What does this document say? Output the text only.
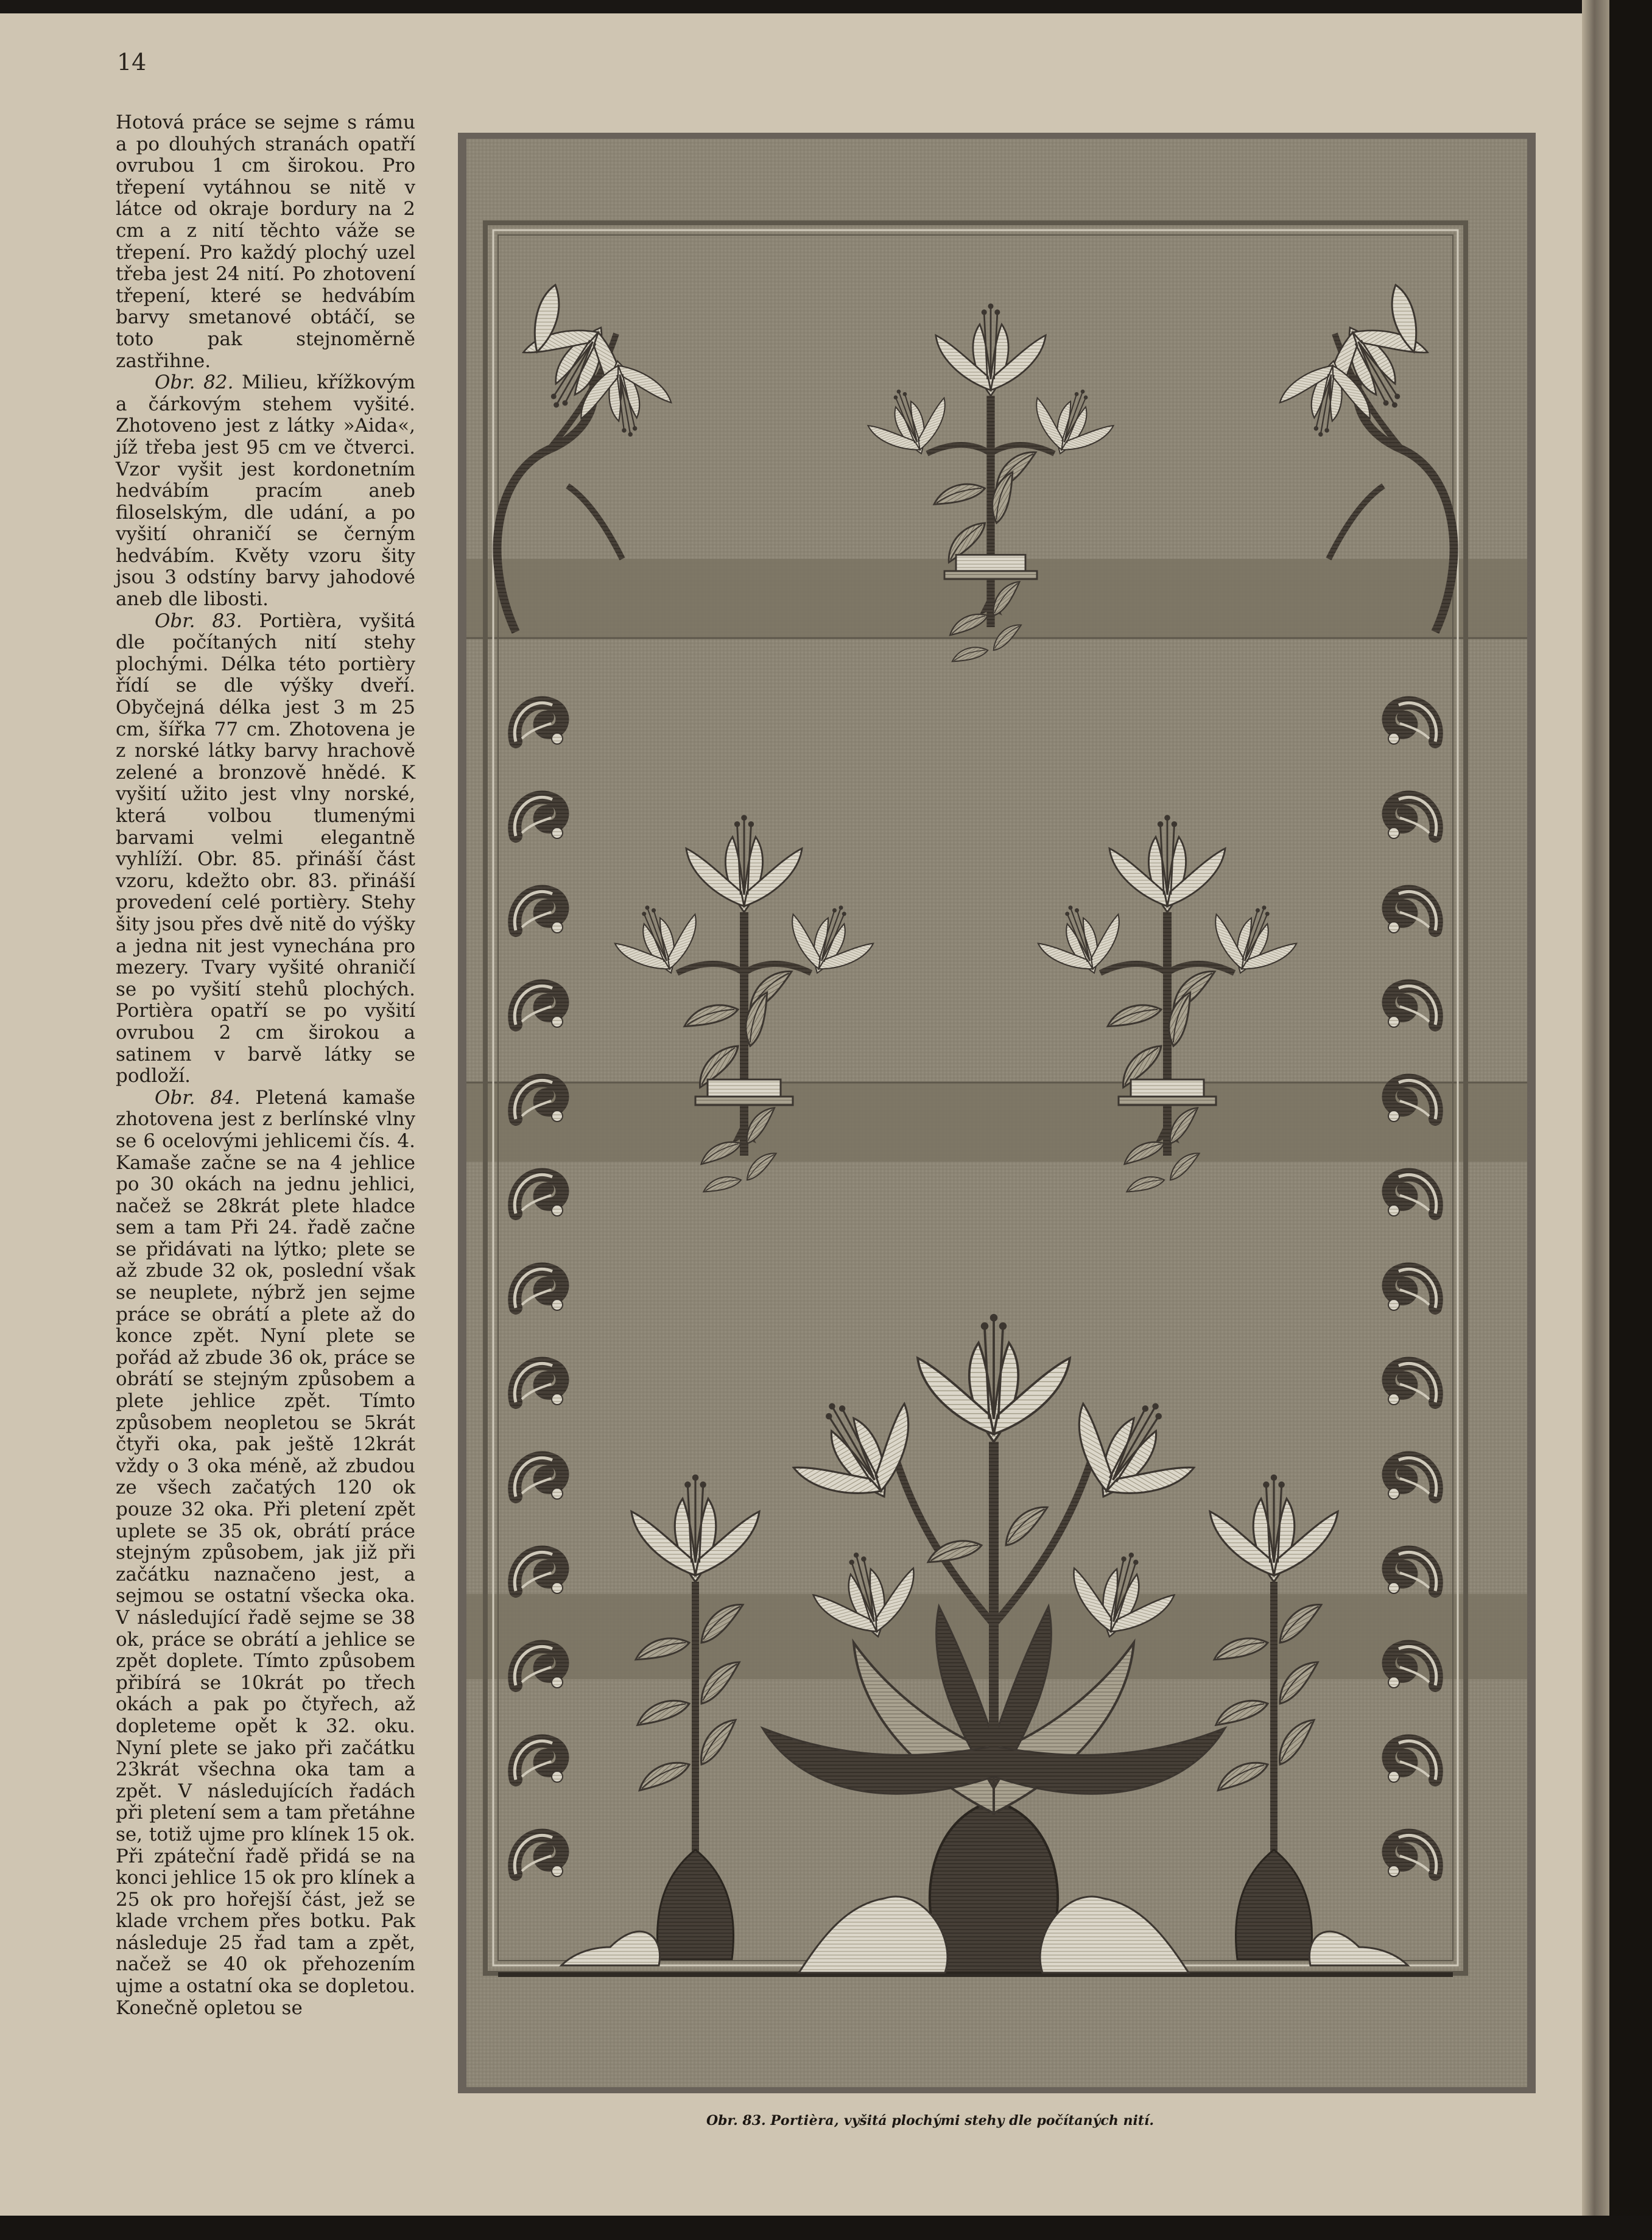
14

Hotová práce se sejme s rámu a po dlouhých stranách opatří ovrubou 1 cm širokou. Pro třepení vytáhnou se nitě v látce od okraje bordury na 2 cm a z nití těchto váže se třepení. Pro každý plochý uzel třeba jest 24 nití. Po zhotovení třepení, které se hedvábím barvy smetanové obtáčí, se toto pak stejnoměrně zastřihne.

Obr. 82. Milieu, křížkovým a čárkovým stehem vyšité. Zhotoveno jest z látky »Aida«, jíž třeba jest 95 cm ve čtverci. Vzor vyšit jest kordonetním hedvábím pracím aneb filoselským, dle udání, a po vyšití ohraničí se černým hedvábím. Květy vzoru šity jsou 3 odstíny barvy jahodové aneb dle libosti.

Obr. 83. Portièra, vyšitá dle počítaných nití stehy plochými. Délka této portièry řídí se dle výšky dveří. Obyčejná délka jest 3 m 25 cm, šířka 77 cm. Zhotovena je z norské látky barvy hrachově zelené a bronzově hnědé. K vyšití užito jest vlny norské, která volbou tlumenými barvami velmi elegantně vyhlíží. Obr. 85. přináší část vzoru, kdežto obr. 83. přináší provedení celé portièry. Stehy šity jsou přes dvě nitě do výšky a jedna nit jest vynechána pro mezery. Tvary vyšité ohraničí se po vyšití stehů plochých. Portièra opatří se po vyšití ovrubou 2 cm širokou a satinem v barvě látky se podloží.

Obr. 84. Pletená kamaše zhotovena jest z berlínské vlny se 6 ocelovými jehlicemi čís. 4. Kamaše začne se na 4 jehlice po 30 okách na jednu jehlici, načež se 28krát plete hladce sem a tam Při 24. řadě začne se přidávati na lýtko; plete se až zbude 32 ok, poslední však se neuplete, nýbrž jen sejme práce se obrátí a plete až do konce zpět. Nyní plete se pořád až zbude 36 ok, práce se obrátí se stejným způsobem a plete jehlice zpět. Tímto způsobem neopletou se 5krát čtyři oka, pak ještě 12krát vždy o 3 oka méně, až zbudou ze všech začatých 120 ok pouze 32 oka. Při pletení zpět uplete se 35 ok, obrátí práce stejným způsobem, jak již při začátku naznačeno jest, a sejmou se ostatní všecka oka. V následující řadě sejme se 38 ok, práce se obrátí a jehlice se zpět doplete. Tímto způsobem přibírá se 10krát po třech okách a pak po čtyřech, až dopleteme opět k 32. oku. Nyní plete se jako při začátku 23krát všechna oka tam a zpět. V následujících řadách při pletení sem a tam přetáhne se, totiž ujme pro klínek 15 ok. Při zpáteční řadě přidá se na konci jehlice 15 ok pro klínek a 25 ok pro hořejší část, jež se klade vrchem přes botku. Pak následuje 25 řad tam a zpět, načež se 40 ok přehozením ujme a ostatní oka se dopletou. Konečně opletou se

Obr. 83. Portièra, vyšitá plochými stehy dle počítaných nití.
